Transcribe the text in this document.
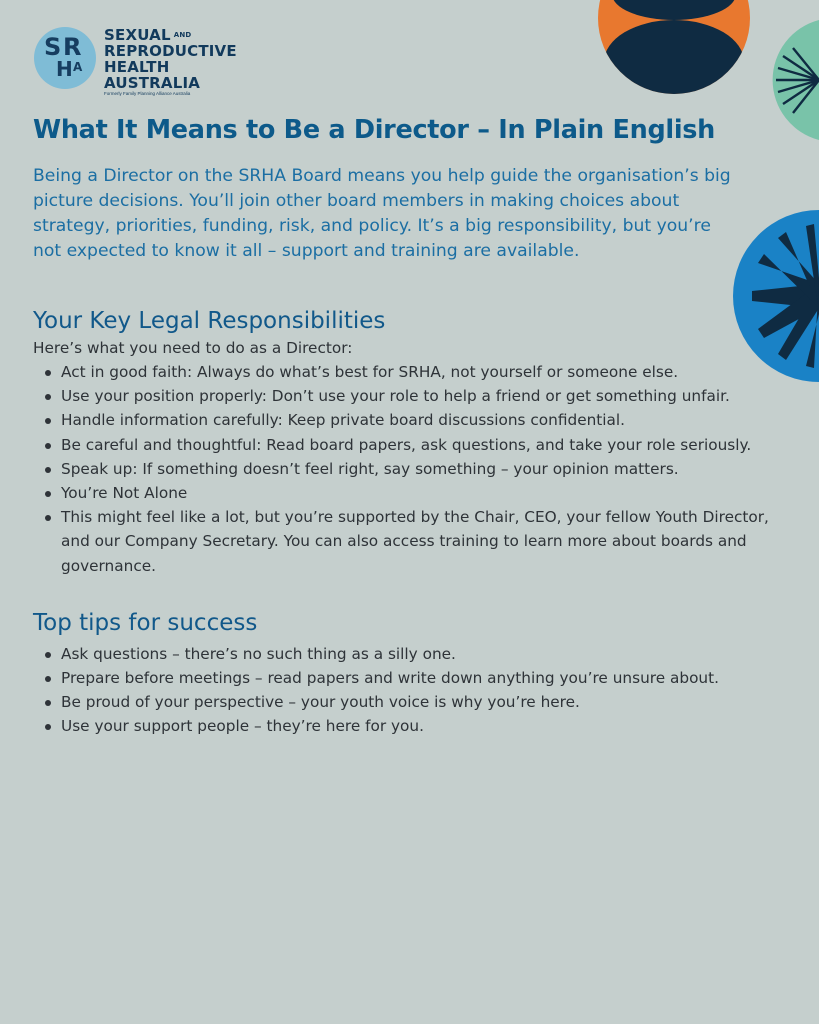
S R
H A
SEXUAL $^{AND}$
REPRODUCTIVE
HEALTH
AUSTRALIA
Formerly Family Planning Alliance Australia
What It Means to Be a Director – In Plain English

Being a Director on the SRHA Board means you help guide the organisation’s big picture decisions. You’ll join other board members in making choices about strategy, priorities, funding, risk, and policy. It’s a big responsibility, but you’re not expected to know it all – support and training are available.

Your Key Legal Responsibilities

Here’s what you need to do as a Director:

Act in good faith: Always do what’s best for SRHA, not yourself or someone else.
Use your position properly: Don’t use your role to help a friend or get something unfair.
Handle information carefully: Keep private board discussions confidential.
Be careful and thoughtful: Read board papers, ask questions, and take your role seriously.
Speak up: If something doesn’t feel right, say something – your opinion matters.
You’re Not Alone
This might feel like a lot, but you’re supported by the Chair, CEO, your fellow Youth Director, and our Company Secretary. You can also access training to learn more about boards and governance.
Top tips for success
Ask questions – there’s no such thing as a silly one.
Prepare before meetings – read papers and write down anything you’re unsure about.
Be proud of your perspective – your youth voice is why you’re here.
Use your support people – they’re here for you.
